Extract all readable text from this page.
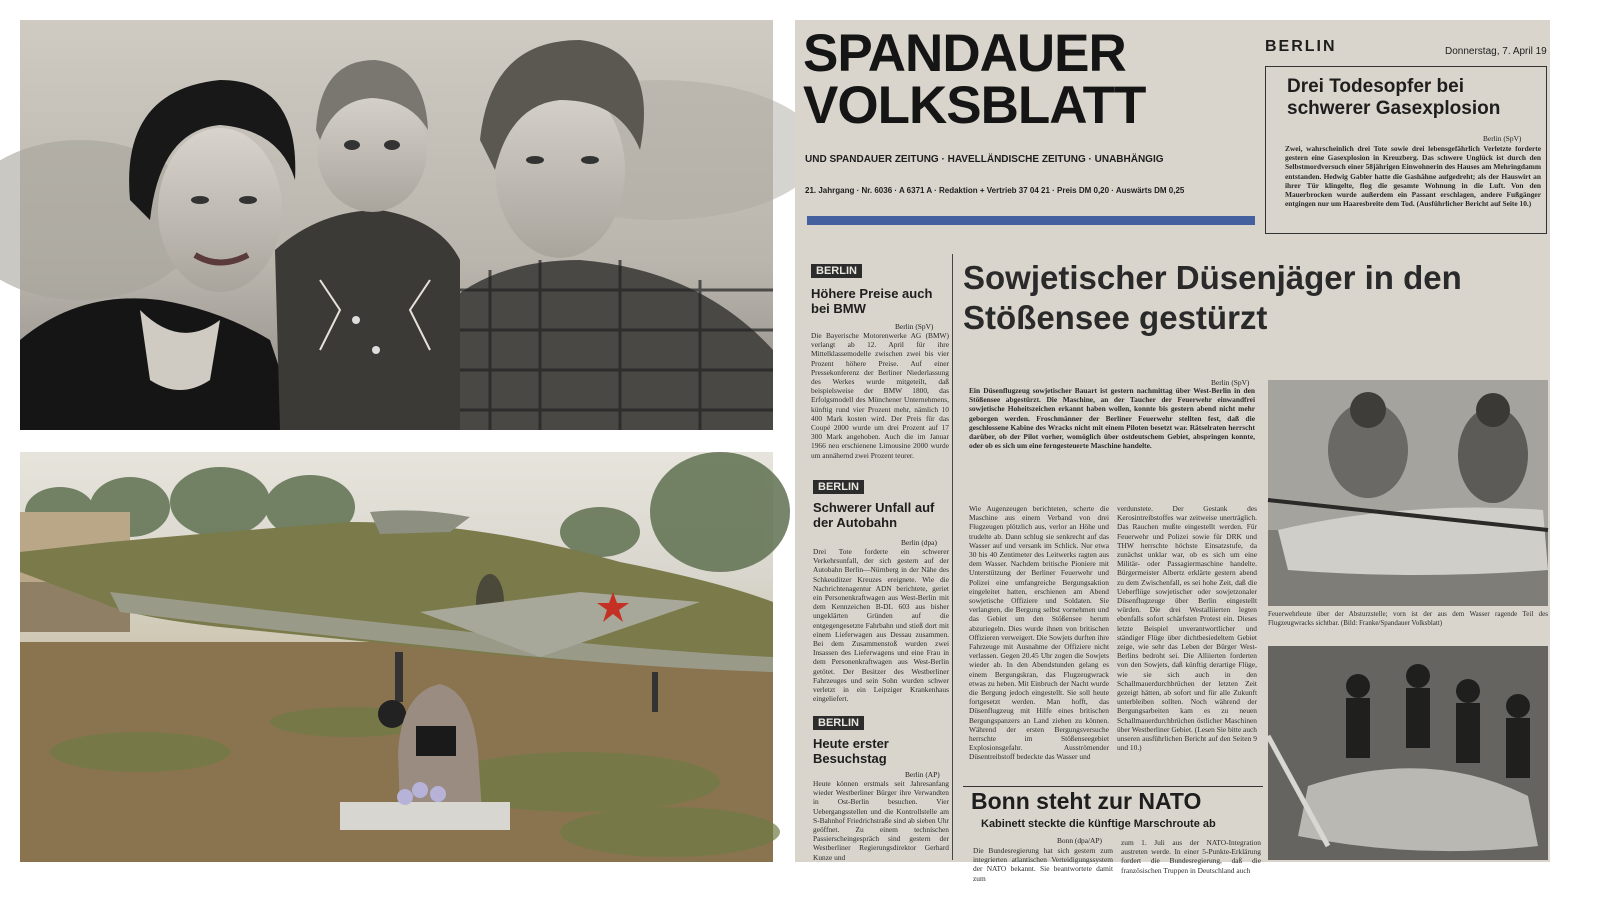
SPANDAUER
VOLKSBLATT
BERLIN	Donnerstag, 7. April 19
UND SPANDAUER ZEITUNG · HAVELLÄNDISCHE ZEITUNG · UNABHÄNGIG
21. Jahrgang · Nr. 6036 · A 6371 A · Redaktion + Vertrieb 37 04 21 · Preis DM 0,20 · Auswärts DM 0,25
Drei Todesopfer bei schwerer Gasexplosion
Berlin (SpV)
Zwei, wahrscheinlich drei Tote sowie drei lebensgefährlich Verletzte forderte gestern eine Gasexplosion in Kreuzberg. Das schwere Unglück ist durch den Selbstmordversuch einer 58jährigen Einwohnerin des Hauses am Mehringdamm entstanden. Hedwig Gabler hatte die Gashähne aufgedreht; als der Hauswirt an ihrer Tür klingelte, flog die gesamte Wohnung in die Luft. Von den Mauerbrocken wurde außerdem ein Passant erschlagen, andere Fußgänger entgingen nur um Haaresbreite dem Tod. (Ausführlicher Bericht auf Seite 10.)
BERLIN
Höhere Preise auch bei BMW
Berlin (SpV)
Die Bayerische Motorenwerke AG (BMW) verlangt ab 12. April für ihre Mittelklassemodelle zwischen zwei bis vier Prozent höhere Preise. Auf einer Pressekonferenz der Berliner Niederlassung des Werkes wurde mitgeteilt, daß beispielsweise der BMW 1800, das Erfolgsmodell des Münchener Unternehmens, künftig rund vier Prozent mehr, nämlich 10 400 Mark kosten wird. Der Preis für das Coupé 2000 wurde um drei Prozent auf 17 300 Mark angehoben. Auch die im Januar 1966 neu erschienene Limousine 2000 wurde um annähernd zwei Prozent teurer.
BERLIN
Schwerer Unfall auf der Autobahn
Berlin (dpa)
Drei Tote forderte ein schwerer Verkehrsunfall, der sich gestern auf der Autobahn Berlin—Nürnberg in der Nähe des Schkeuditzer Kreuzes ereignete. Wie die Nachrichtenagentur ADN berichtete, geriet ein Personenkraftwagen aus West-Berlin mit dem Kennzeichen B-DL 603 aus bisher ungeklärten Gründen auf die entgegengesetzte Fahrbahn und stieß dort mit einem Lieferwagen aus Dessau zusammen. Bei dem Zusammenstoß wurden zwei Insassen des Lieferwagens und eine Frau in dem Personenkraftwagen aus West-Berlin getötet. Der Besitzer des Westberliner Fahrzeuges und sein Sohn wurden schwer verletzt in ein Leipziger Krankenhaus eingeliefert.
BERLIN
Heute erster Besuchstag
Berlin (AP)
Heute können erstmals seit Jahresanfang wieder Westberliner Bürger ihre Verwandten in Ost-Berlin besuchen. Vier Uebergangsstellen und die Kontrollstelle am S-Bahnhof Friedrichstraße sind ab sieben Uhr geöffnet. Zu einem technischen Passierscheingespräch sind gestern der Westberliner Regierungsdirektor Gerhard Kunze und
Sowjetischer Düsenjäger in den Stößensee gestürzt
Berlin (SpV)
Ein Düsenflugzeug sowjetischer Bauart ist gestern nachmittag über West-Berlin in den Stößensee abgestürzt. Die Maschine, an der Taucher der Feuerwehr einwandfrei sowjetische Hoheitszeichen erkannt haben wollen, konnte bis gestern abend nicht mehr geborgen werden. Froschmänner der Berliner Feuerwehr stellten fest, daß die geschlossene Kabine des Wracks nicht mit einem Piloten besetzt war. Rätselraten herrscht darüber, ob der Pilot vorher, womöglich über ostdeutschem Gebiet, abspringen konnte, oder ob es sich um eine ferngesteuerte Maschine handelte.
Wie Augenzeugen berichteten, scherte die Maschine aus einem Verband von drei Flugzeugen plötzlich aus, verlor an Höhe und trudelte ab. Dann schlug sie senkrecht auf das Wasser auf und versank im Schlick. Nur etwa 30 bis 40 Zentimeter des Leitwerks ragten aus dem Wasser. Nachdem britische Pioniere mit Unterstützung der Berliner Feuerwehr und Polizei eine umfangreiche Bergungsaktion eingeleitet hatten, erschienen am Abend sowjetische Offiziere und Soldaten. Sie verlangten, die Bergung selbst vornehmen und das Gebiet um den Stößensee herum abzuriegeln. Dies wurde ihnen von britischen Offizieren verweigert. Die Sowjets durften ihre Fahrzeuge mit Ausnahme der Offiziere nicht verlassen. Gegen 20.45 Uhr zogen die Sowjets wieder ab. In den Abendstunden gelang es einem Bergungskran, das Flugzeugwrack etwas zu heben. Mit Einbruch der Nacht wurde die Bergung jedoch eingestellt. Sie soll heute fortgesetzt werden. Man hofft, das Düsenflugzeug mit Hilfe eines britischen Bergungspanzers an Land ziehen zu können. Während der ersten Bergungsversuche herrschte im Stößenseegebiet Explosionsgefahr. Ausströmender Düsentreibstoff bedeckte das Wasser und
verdunstete. Der Gestank des Kerosintreibstoffes war zeitweise unerträglich. Das Rauchen mußte eingestellt werden. Für Feuerwehr und Polizei sowie für DRK und THW herrschte höchste Einsatzstufe, da zunächst unklar war, ob es sich um eine Militär- oder Passagiermaschine handelte. Bürgermeister Albertz erklärte gestern abend zu dem Zwischenfall, es sei hohe Zeit, daß die Ueberflüge sowjetischer oder sowjetzonaler Düsenflugzeuge über Berlin eingestellt würden. Die drei Westalliierten legten ebenfalls sofort schärfsten Protest ein. Dieses letzte Beispiel unverantwortlicher und ständiger Flüge über dichtbesiedeltem Gebiet zeige, wie sehr das Leben der Bürger West-Berlins bedroht sei. Die Alliierten forderten von den Sowjets, daß künftig derartige Flüge, wie sie sich auch in den Schallmauerdurchbrüchen der letzten Zeit gezeigt hätten, ab sofort und für alle Zukunft unterbleiben sollten. Noch während der Bergungsarbeiten kam es zu neuen Schallmauerdurchbrüchen östlicher Maschinen über Westberliner Gebiet. (Lesen Sie bitte auch unseren ausführlichen Bericht auf den Seiten 9 und 10.)
Feuerwehrleute über der Absturzstelle; vorn ist der aus dem Wasser ragende Teil des Flugzeugwracks sichtbar. (Bild: Franke/Spandauer Volksblatt)
Bonn steht zur NATO
Kabinett steckte die künftige Marschroute ab
Bonn (dpa/AP)
Die Bundesregierung hat sich gestern zum integrierten atlantischen Verteidigungssystem der NATO bekannt. Sie beantwortete damit zum
zum 1. Juli aus der NATO-Integration austreten werde. In einer 5-Punkte-Erklärung fordert die Bundesregierung, daß die französischen Truppen in Deutschland auch
